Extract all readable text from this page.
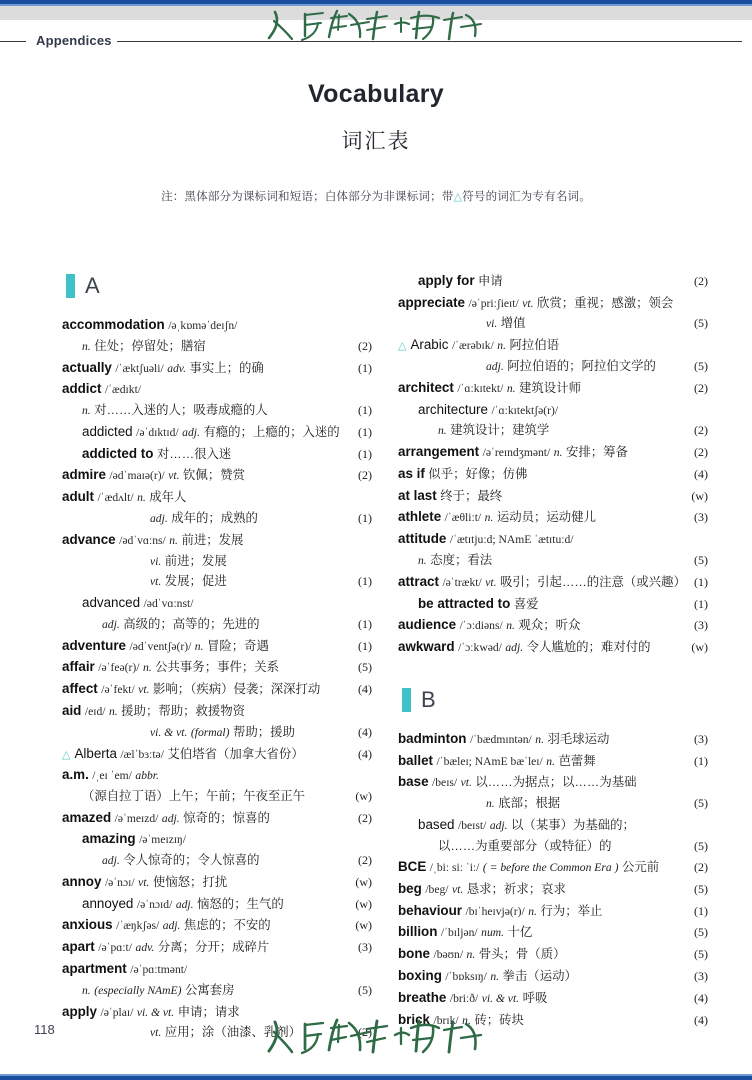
Appendices
Vocabulary
词汇表
注：黑体部分为课标词和短语；白体部分为非课标词；带△符号的词汇为专有名词。
A
accommodation /əˌkɒməˈdeɪʃn/
n. 住处；停留处；膳宿	(2)
actually /ˈæktʃuəli/ adv. 事实上；的确	(1)
addict /ˈædɪkt/
n. 对……入迷的人；吸毒成瘾的人	(1)
addicted /əˈdɪktɪd/ adj. 有瘾的；上瘾的；入迷的	(1)
addicted to 对……很入迷	(1)
admire /ədˈmaɪə(r)/ vt. 钦佩；赞赏	(2)
adult /ˈædʌlt/ n. 成年人
adj. 成年的；成熟的	(1)
advance /ədˈvɑːns/ n. 前进；发展
vi. 前进；发展
vt. 发展；促进	(1)
advanced /ədˈvɑːnst/
adj. 高级的；高等的；先进的	(1)
adventure /ədˈventʃə(r)/ n. 冒险；奇遇	(1)
affair /əˈfeə(r)/ n. 公共事务；事件；关系	(5)
affect /əˈfekt/ vt. 影响；（疾病）侵袭；深深打动	(4)
aid /eɪd/ n. 援助；帮助；救援物资
vi. & vt. (formal) 帮助；援助	(4)
△ Alberta /ælˈbɜːtə/ 艾伯塔省（加拿大省份）	(4)
a.m. /ˌeɪ ˈem/ abbr.
（源自拉丁语）上午；午前；午夜至正午	(w)
amazed /əˈmeɪzd/ adj. 惊奇的；惊喜的	(2)
amazing /əˈmeɪzɪŋ/
adj. 令人惊奇的；令人惊喜的	(2)
annoy /əˈnɔɪ/ vt. 使恼怒；打扰	(w)
annoyed /əˈnɔɪd/ adj. 恼怒的；生气的	(w)
anxious /ˈæŋkʃəs/ adj. 焦虑的；不安的	(w)
apart /əˈpɑːt/ adv. 分离；分开；成碎片	(3)
apartment /əˈpɑːtmənt/
n. (especially NAmE) 公寓套房	(5)
apply /əˈplaɪ/ vi. & vt. 申请；请求
vt. 应用；涂（油漆、乳剂）	(2)
apply for 申请	(2)
appreciate /əˈpriːʃieɪt/ vt. 欣赏；重视；感激；领会
vi. 增值	(5)
△ Arabic /ˈærəbɪk/ n. 阿拉伯语
adj. 阿拉伯语的；阿拉伯文学的	(5)
architect /ˈɑːkɪtekt/ n. 建筑设计师	(2)
architecture /ˈɑːkɪtektʃə(r)/
n. 建筑设计；建筑学	(2)
arrangement /əˈreɪndʒmənt/ n. 安排；筹备	(2)
as if 似乎；好像；仿佛	(4)
at last 终于；最终	(w)
athlete /ˈæθliːt/ n. 运动员；运动健儿	(3)
attitude /ˈætɪtjuːd; NAmE ˈætɪtuːd/
n. 态度；看法	(5)
attract /əˈtrækt/ vt. 吸引；引起……的注意（或兴趣） (1)
be attracted to 喜爱	(1)
audience /ˈɔːdiəns/ n. 观众；听众	(3)
awkward /ˈɔːkwəd/ adj. 令人尴尬的；难对付的	(w)
B
badminton /ˈbædmɪntən/ n. 羽毛球运动	(3)
ballet /ˈbæleɪ; NAmE bæˈleɪ/ n. 芭蕾舞	(1)
base /beɪs/ vt. 以……为据点；以……为基础
n. 底部；根据	(5)
based /beɪst/ adj. 以（某事）为基础的；
以……为重要部分（或特征）的	(5)
BCE /ˌbiː siː ˈiː/ ( = before the Common Era ) 公元前	(2)
beg /beg/ vt. 恳求；祈求；哀求	(5)
behaviour /bɪˈheɪvjə(r)/ n. 行为；举止	(1)
billion /ˈbɪljən/ num. 十亿	(5)
bone /bəʊn/ n. 骨头；骨（质）	(5)
boxing /ˈbɒksɪŋ/ n. 拳击（运动）	(3)
breathe /briːð/ vi. & vt. 呼吸	(4)
brick /brɪk/ n. 砖；砖块	(4)
118
